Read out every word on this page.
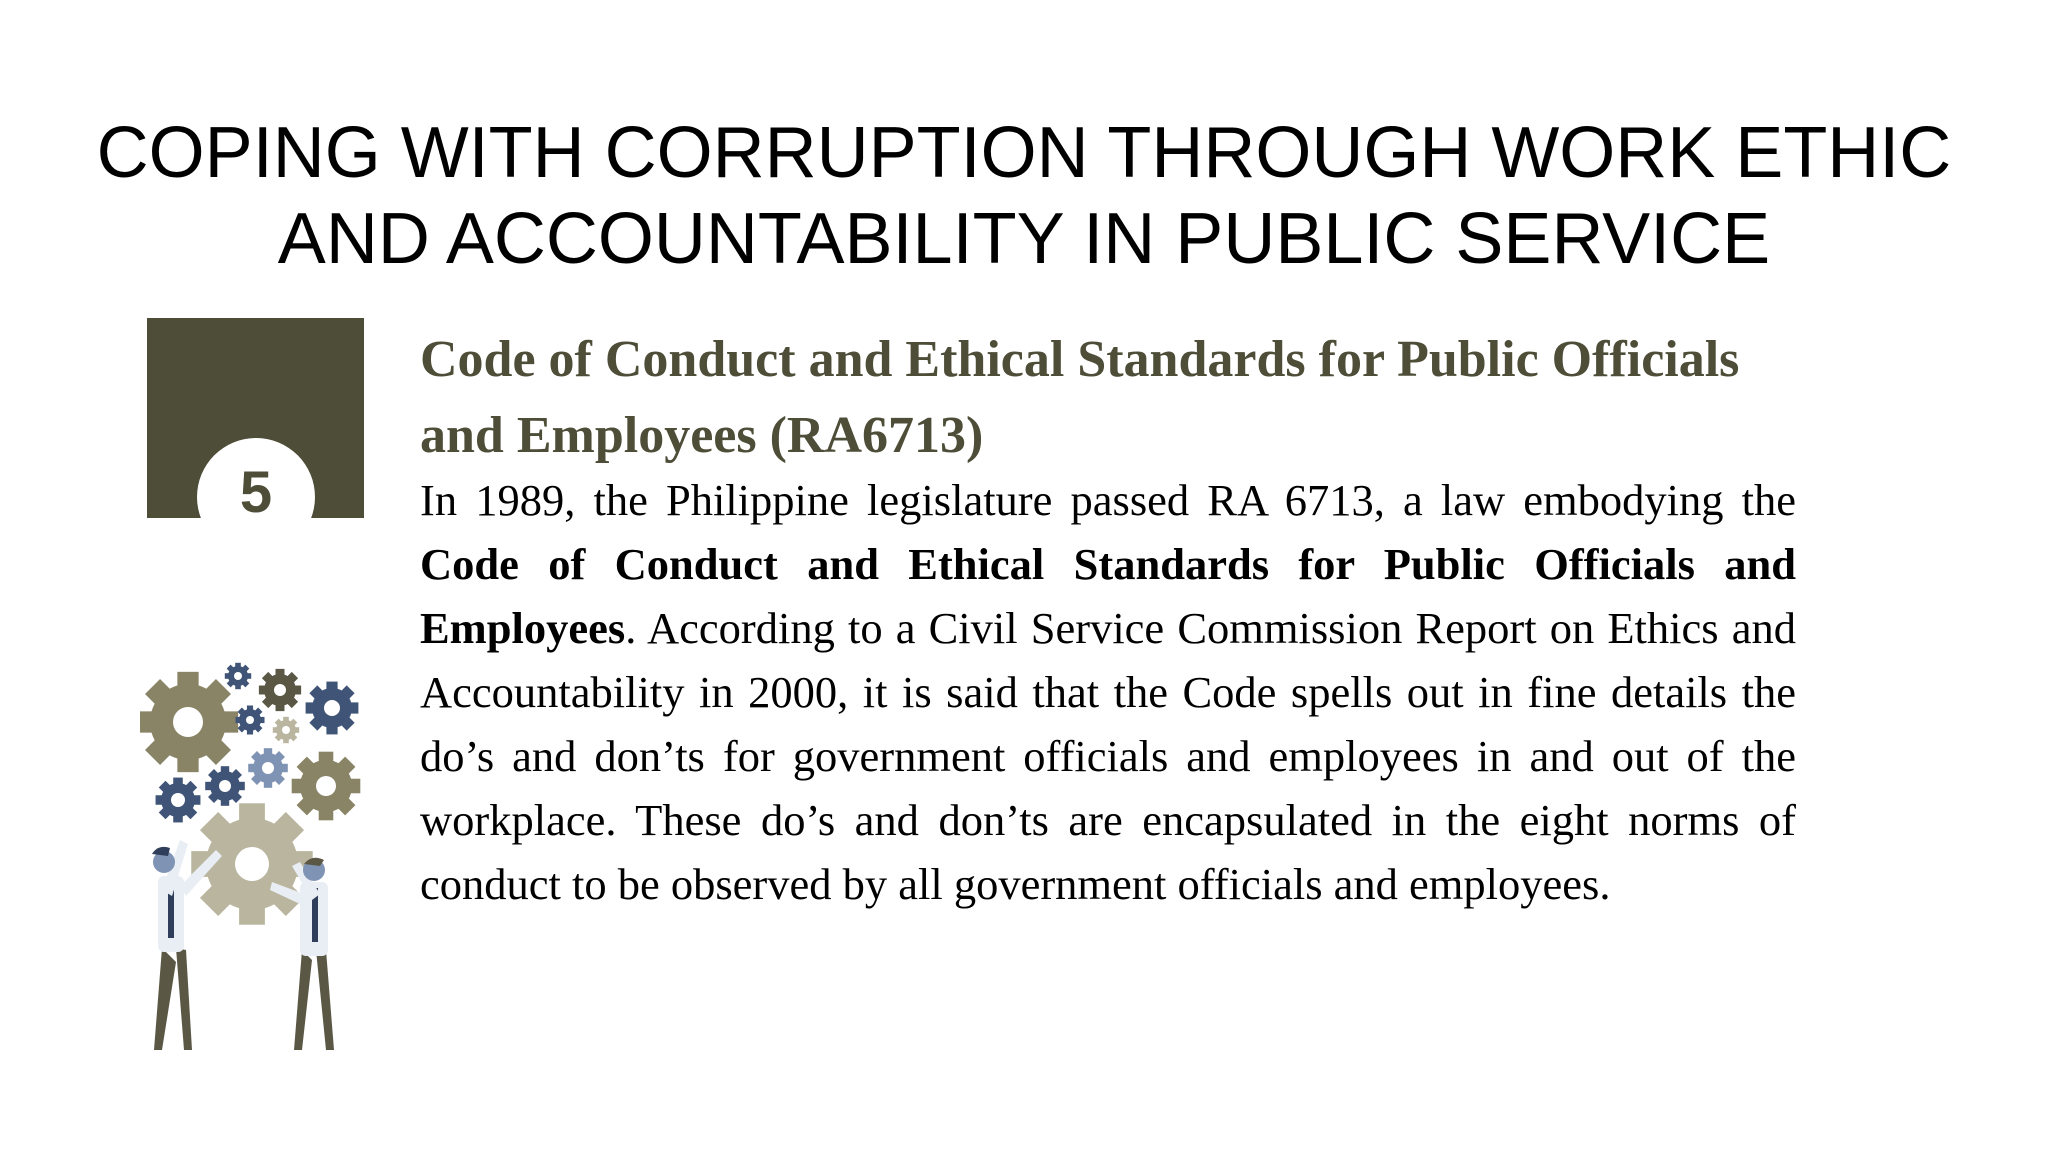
COPING WITH CORRUPTION THROUGH WORK ETHIC
AND ACCOUNTABILITY IN PUBLIC SERVICE
5
Code of Conduct and Ethical Standards for Public Officials
and Employees (RA6713)

In 1989, the Philippine legislature passed RA 6713, a law embodying the Code of Conduct and Ethical Standards for Public Officials and Employees. According to a Civil Service Commission Report on Ethics and Accountability in 2000, it is said that the Code spells out in fine details the do’s and don’ts for government officials and employees in and out of the workplace. These do’s and don’ts are encapsulated in the eight norms of conduct to be observed by all government officials and employees.
